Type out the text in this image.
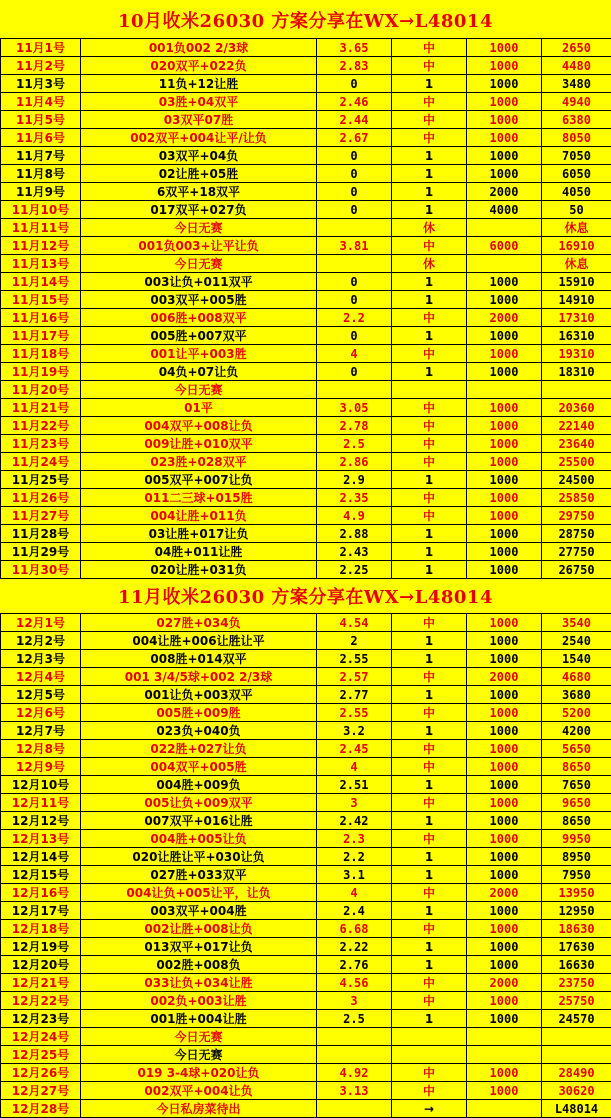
10月收米26030 方案分享在WX→L48014
11月1号	001负002 2/3球	3.65	中	1000	2650
11月2号	020双平+022负	2.83	中	1000	4480
11月3号	11负+12让胜	0	1	1000	3480
11月4号	03胜+04双平	2.46	中	1000	4940
11月5号	03双平07胜	2.44	中	1000	6380
11月6号	002双平+004让平/让负	2.67	中	1000	8050
11月7号	03双平+04负	0	1	1000	7050
11月8号	02让胜+05胜	0	1	1000	6050
11月9号	6双平+18双平	0	1	2000	4050
11月10号	017双平+027负	0	1	4000	50
11月11号	今日无赛		休		休息
11月12号	001负003+让平让负	3.81	中	6000	16910
11月13号	今日无赛		休		休息
11月14号	003让负+011双平	0	1	1000	15910
11月15号	003双平+005胜	0	1	1000	14910
11月16号	006胜+008双平	2.2	中	2000	17310
11月17号	005胜+007双平	0	1	1000	16310
11月18号	001让平+003胜	4	中	1000	19310
11月19号	04负+07让负	0	1	1000	18310
11月20号	今日无赛				
11月21号	01平	3.05	中	1000	20360
11月22号	004双平+008让负	2.78	中	1000	22140
11月23号	009让胜+010双平	2.5	中	1000	23640
11月24号	023胜+028双平	2.86	中	1000	25500
11月25号	005双平+007让负	2.9	1	1000	24500
11月26号	011二三球+015胜	2.35	中	1000	25850
11月27号	004让胜+011负	4.9	中	1000	29750
11月28号	03让胜+017让负	2.88	1	1000	28750
11月29号	04胜+011让胜	2.43	1	1000	27750
11月30号	020让胜+031负	2.25	1	1000	26750
11月收米26030 方案分享在WX→L48014
12月1号	027胜+034负	4.54	中	1000	3540
12月2号	004让胜+006让胜让平	2	1	1000	2540
12月3号	008胜+014双平	2.55	1	1000	1540
12月4号	001 3/4/5球+002 2/3球	2.57	中	2000	4680
12月5号	001让负+003双平	2.77	1	1000	3680
12月6号	005胜+009胜	2.55	中	1000	5200
12月7号	023负+040负	3.2	1	1000	4200
12月8号	022胜+027让负	2.45	中	1000	5650
12月9号	004双平+005胜	4	中	1000	8650
12月10号	004胜+009负	2.51	1	1000	7650
12月11号	005让负+009双平	3	中	1000	9650
12月12号	007双平+016让胜	2.42	1	1000	8650
12月13号	004胜+005让负	2.3	中	1000	9950
12月14号	020让胜让平+030让负	2.2	1	1000	8950
12月15号	027胜+033双平	3.1	1	1000	7950
12月16号	004让负+005让平，让负	4	中	2000	13950
12月17号	003双平+004胜	2.4	1	1000	12950
12月18号	002让胜+008让负	6.68	中	1000	18630
12月19号	013双平+017让负	2.22	1	1000	17630
12月20号	002胜+008负	2.76	1	1000	16630
12月21号	033让负+034让胜	4.56	中	2000	23750
12月22号	002负+003让胜	3	中	1000	25750
12月23号	001胜+004让胜	2.5	1	1000	24570
12月24号	今日无赛				
12月25号	今日无赛				
12月26号	019 3-4球+020让负	4.92	中	1000	28490
12月27号	002双平+004让负	3.13	中	1000	30620
12月28号	今日私房菜待出		→		L48014
